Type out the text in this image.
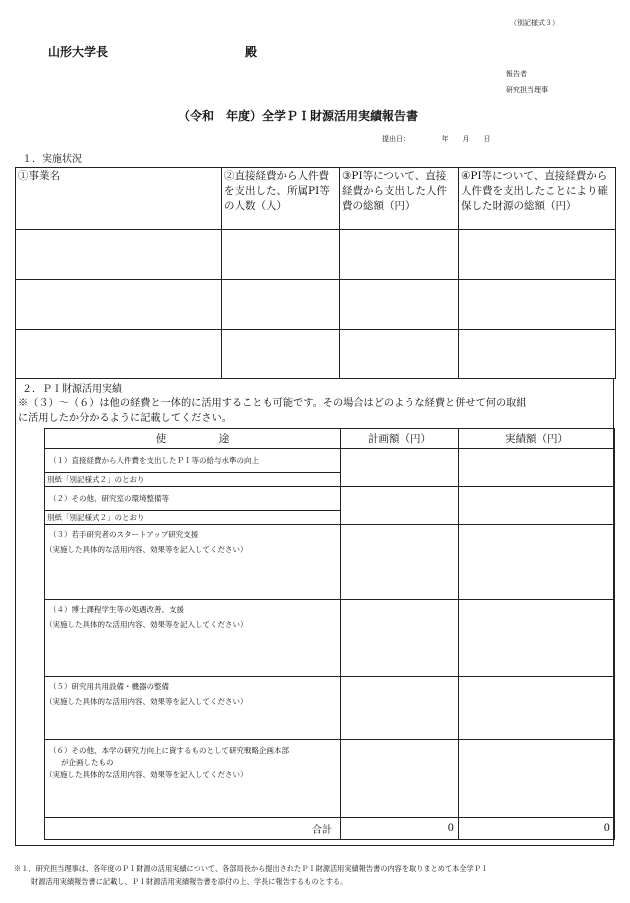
（別記様式３）
山形大学長	殿
報告者
研究担当理事
（令和　年度）全学ＰＩ財源活用実績報告書
提出日：　　　　　年　　月　　日
１．実施状況
①事業名	②直接経費から人件費を支出した、所属PI等の人数（人）	③PI等について、直接経費から支出した人件費の総額（円）	④PI等について、直接経費から人件費を支出したことにより確保した財源の総額（円）

２．ＰＩ財源活用実績
※（３）～（６）は他の経費と一体的に活用することも可能です。その場合はどのような経費と併せて何の取組
に活用したか分かるように記載してください。
使　　　　　途	計画額（円）	実績額（円）

（１）直接経費から人件費を支出したＰＩ等の給与水準の向上		

別紙「別記様式２」のとおり		

（２）その他、研究室の環境整備等		

別紙「別記様式２」のとおり		

（３）若手研究者のスタートアップ研究支援
（実施した具体的な活用内容、効果等を記入してください）		

（４）博士課程学生等の処遇改善、支援
（実施した具体的な活用内容、効果等を記入してください）		

（５）研究用共用設備・機器の整備
（実施した具体的な活用内容、効果等を記入してください）		

（６）その他、本学の研究力向上に資するものとして研究戦略企画本部
が企画したもの
（実施した具体的な活用内容、効果等を記入してください）		

合計	0	0
※１．研究担当理事は、各年度のＰＩ財源の活用実績について、各部局長から提出されたＰＩ財源活用実績報告書の内容を取りまとめて本全学ＰＩ
財源活用実績報告書に記載し、ＰＩ財源活用実績報告書を添付の上、学長に報告するものとする。
